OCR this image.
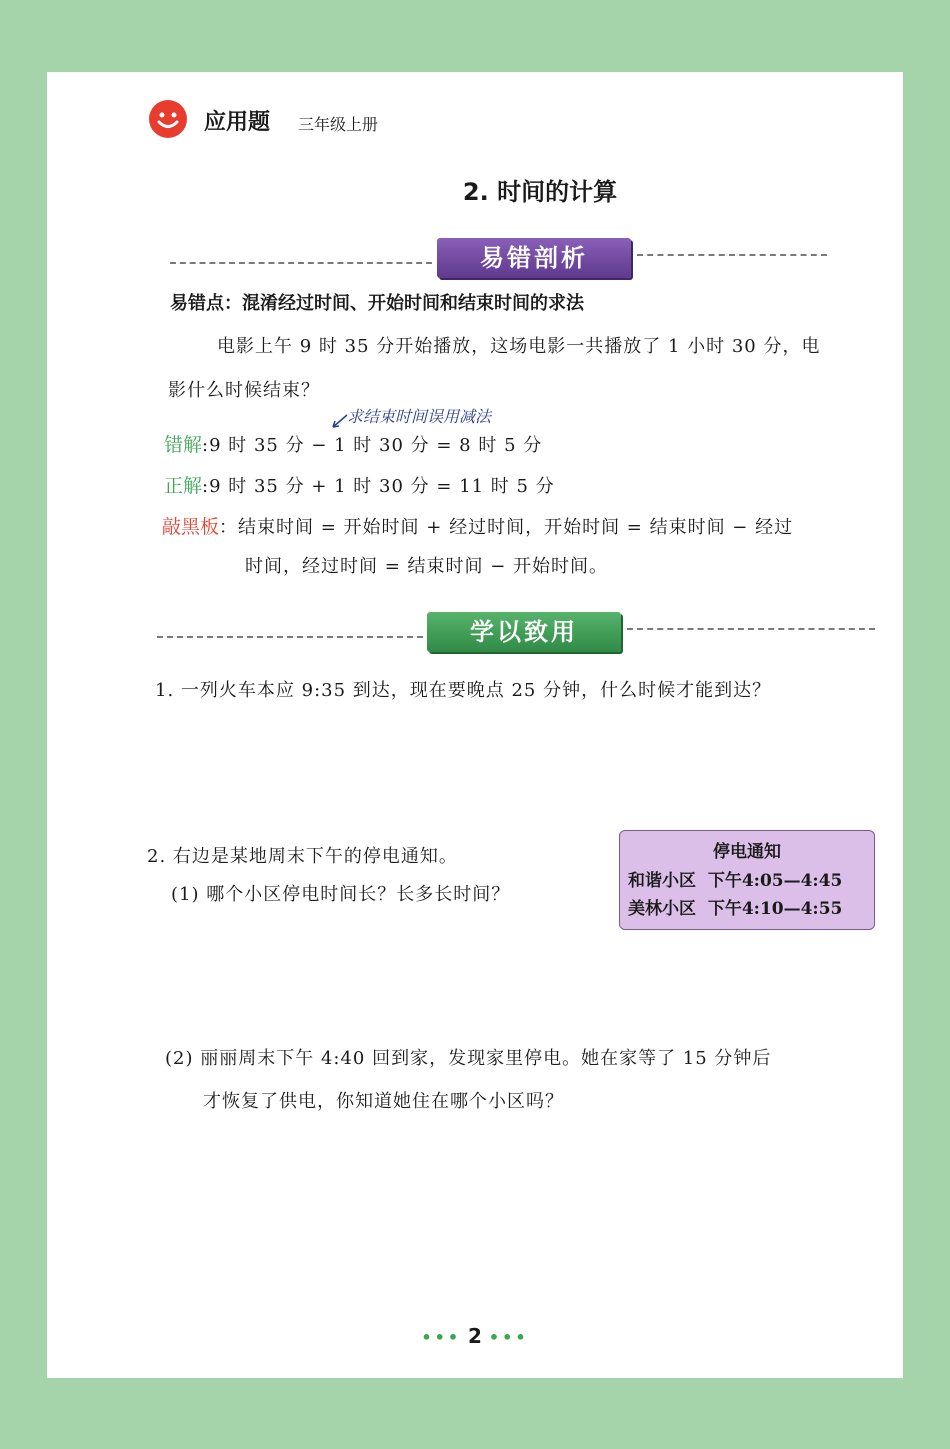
应用题 三年级上册
2. 时间的计算
易错剖析
易错点：混淆经过时间、开始时间和结束时间的求法
电影上午 9 时 35 分开始播放，这场电影一共播放了 1 小时 30 分，电
影什么时候结束？
求结束时间误用减法
错解:9 时 35 分 − 1 时 30 分 = 8 时 5 分
正解:9 时 35 分 + 1 时 30 分 = 11 时 5 分
敲黑板：结束时间 = 开始时间 + 经过时间，开始时间 = 结束时间 − 经过
时间，经过时间 = 结束时间 − 开始时间。
学以致用
1. 一列火车本应 9:35 到达，现在要晚点 25 分钟，什么时候才能到达？
2. 右边是某地周末下午的停电通知。
(1) 哪个小区停电时间长？长多长时间？
停电通知
和谐小区 下午4:05—4:45
美林小区 下午4:10—4:55
(2) 丽丽周末下午 4:40 回到家，发现家里停电。她在家等了 15 分钟后
才恢复了供电，你知道她住在哪个小区吗？
••• 2 •••
